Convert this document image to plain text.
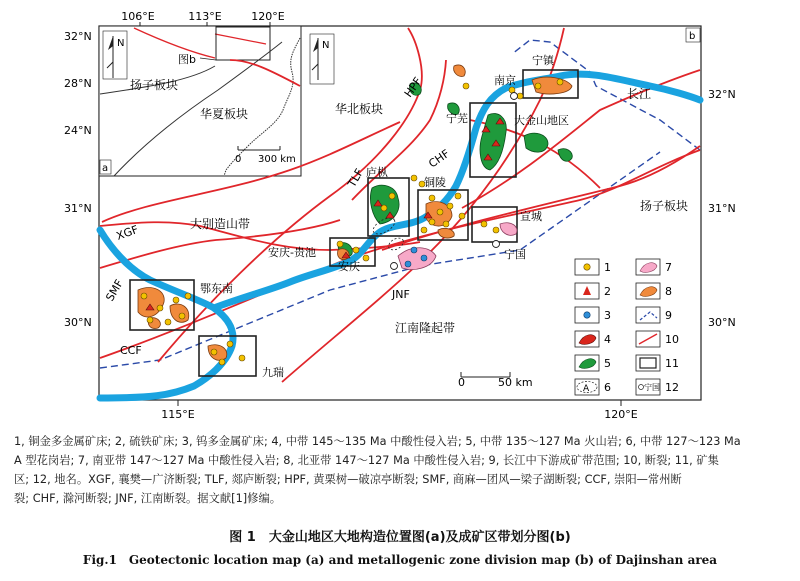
106°E	113°E	120°E
115°E	120°E
32°N
28°N
24°N
31°N
30°N
32°N
31°N
30°N
图b
N
扬子板块
华夏板块
a
0 300 km
b
N
华北板块
大别造山带
江南隆起带
扬子板块
长江
大金山地区
XGF
SMF
CCF
TLF
HPF
CHF
JNF
宁镇
南京
宁芜
庐枞
铜陵
宣城
安庆-贵池
鄂东南
九瑞
安庆
宁国
0	50 km
1
2
3
4
5
A 6
7
8
9
10
11
宁国 12
1, 铜金多金属矿床; 2, 硫铁矿床; 3, 钨多金属矿床; 4, 中带 145～135 Ma 中酸性侵入岩; 5, 中带 135～127 Ma 火山岩; 6, 中带 127～123 Ma
A 型花岗岩; 7, 南亚带 147～127 Ma 中酸性侵入岩; 8, 北亚带 147～127 Ma 中酸性侵入岩; 9, 长江中下游成矿带范围; 10, 断裂; 11, 矿集
区; 12, 地名。XGF, 襄樊—广济断裂; TLF, 郯庐断裂; HPF, 黄栗树—破凉亭断裂; SMF, 商麻—团风—梁子湖断裂; CCF, 崇阳—常州断
裂; CHF, 滁河断裂; JNF, 江南断裂。据文献[1]修编。
图 1　大金山地区大地构造位置图(a)及成矿区带划分图(b)
Fig.1　Geotectonic location map (a) and metallogenic zone division map (b) of Dajinshan area
